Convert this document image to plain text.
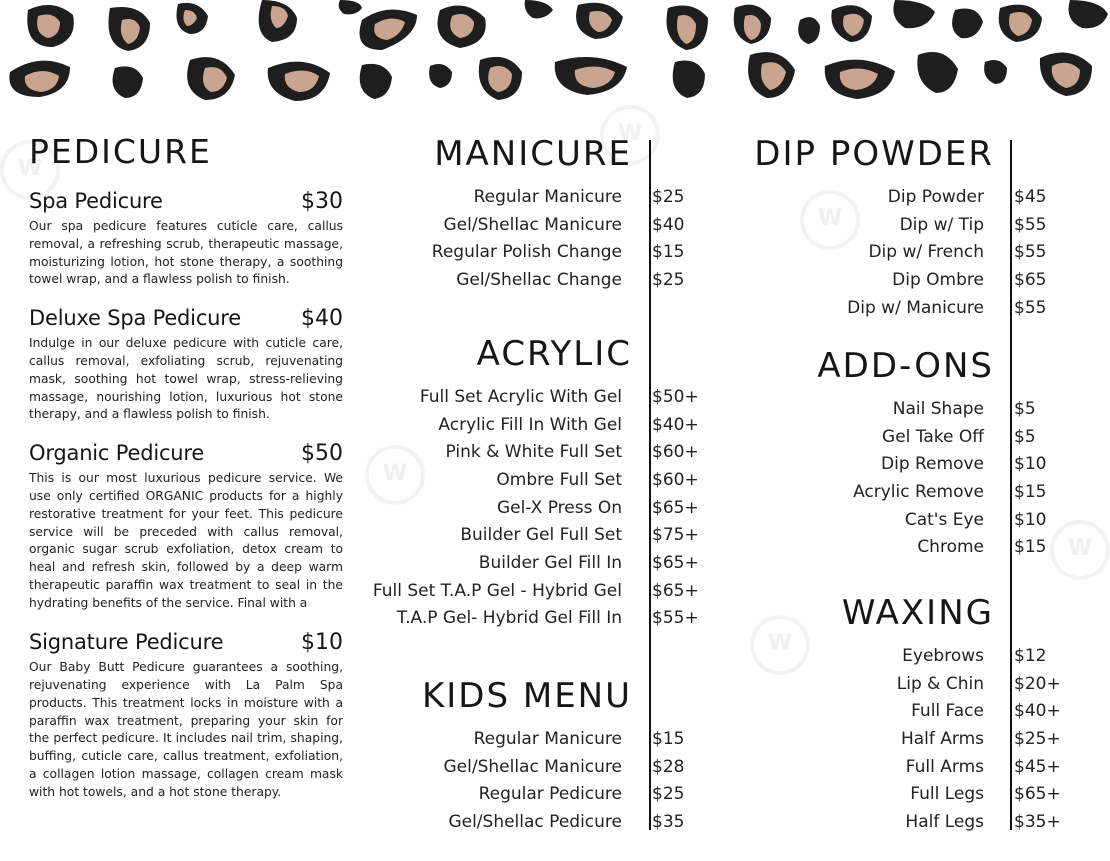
W
W
W
W
W
W
PEDICURE
Spa Pedicure	$30
Our spa pedicure features cuticle care, callus removal, a refreshing scrub, therapeutic massage, moisturizing lotion, hot stone therapy, a soothing towel wrap, and a flawless polish to finish.
Deluxe Spa Pedicure	$40
Indulge in our deluxe pedicure with cuticle care, callus removal, exfoliating scrub, rejuvenating mask, soothing hot towel wrap, stress-relieving massage, nourishing lotion, luxurious hot stone therapy, and a flawless polish to finish.
Organic Pedicure	$50
This is our most luxurious pedicure service. We use only certified ORGANIC products for a highly restorative treatment for your feet. This pedicure service will be preceded with callus removal, organic sugar scrub exfoliation, detox cream to heal and refresh skin, followed by a deep warm therapeutic paraffin wax treatment to seal in the hydrating benefits of the service. Final with a
Signature Pedicure	$10
Our Baby Butt Pedicure guarantees a soothing, rejuvenating experience with La Palm Spa products. This treatment locks in moisture with a paraffin wax treatment, preparing your skin for the perfect pedicure. It includes nail trim, shaping, buffing, cuticle care, callus treatment, exfoliation, a collagen lotion massage, collagen cream mask with hot towels, and a hot stone therapy.
MANICURE
Regular Manicure	$25
Gel/Shellac Manicure	$40
Regular Polish Change	$15
Gel/Shellac Change	$25
ACRYLIC
Full Set Acrylic With Gel	$50+
Acrylic Fill In With Gel	$40+
Pink & White Full Set	$60+
Ombre Full Set	$60+
Gel-X Press On	$65+
Builder Gel Full Set	$75+
Builder Gel Fill In	$65+
Full Set T.A.P Gel - Hybrid Gel	$65+
T.A.P Gel- Hybrid Gel Fill In	$55+
KIDS MENU
Regular Manicure	$15
Gel/Shellac Manicure	$28
Regular Pedicure	$25
Gel/Shellac Pedicure	$35
DIP POWDER
Dip Powder	$45
Dip w/ Tip	$55
Dip w/ French	$55
Dip Ombre	$65
Dip w/ Manicure	$55
ADD-ONS
Nail Shape	$5
Gel Take Off	$5
Dip Remove	$10
Acrylic Remove	$15
Cat's Eye	$10
Chrome	$15
WAXING
Eyebrows	$12
Lip & Chin	$20+
Full Face	$40+
Half Arms	$25+
Full Arms	$45+
Full Legs	$65+
Half Legs	$35+
